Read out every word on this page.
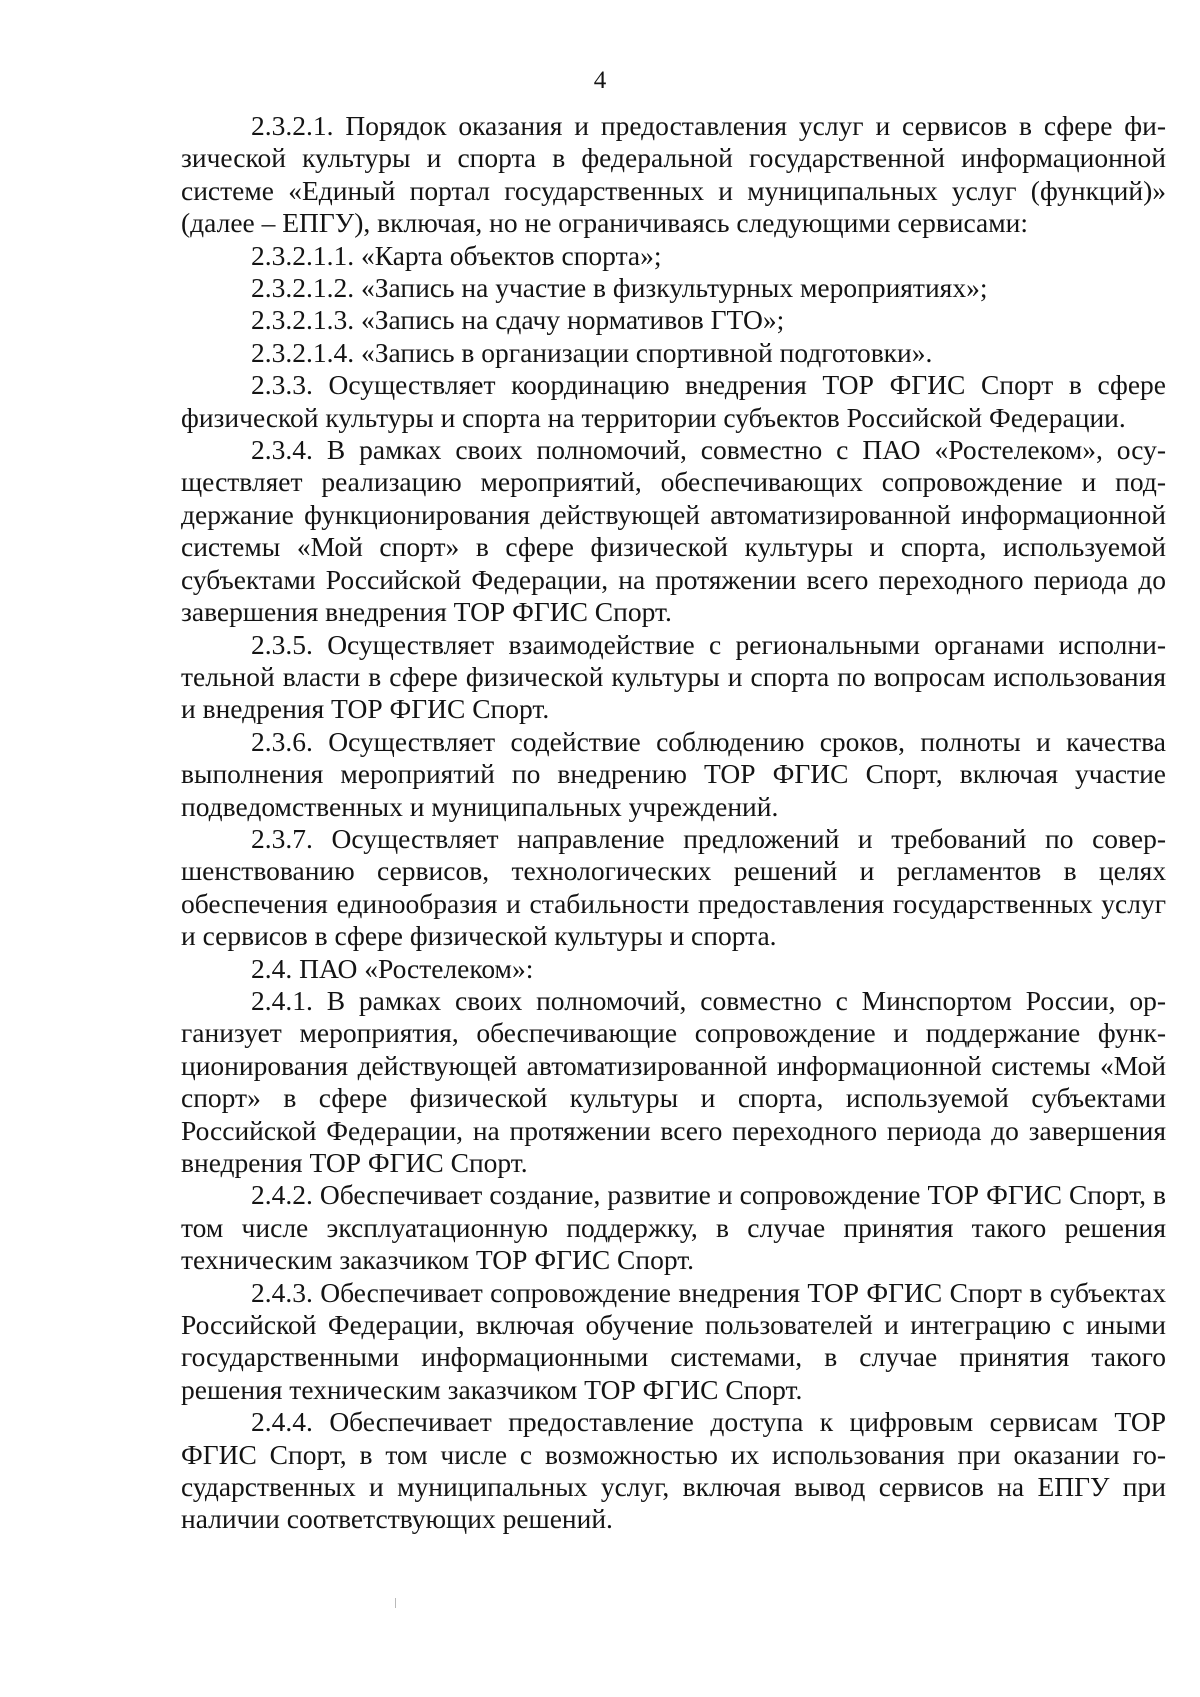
4

2.3.2.1. Порядок оказания и предоставления услуг и сервисов в сфере физической культуры и спорта в федеральной государственной информационной системе «Единый портал государственных и муниципальных услуг (функций)» (далее – ЕПГУ), включая, но не ограничиваясь следующими сервисами:

2.3.2.1.1. «Карта объектов спорта»;

2.3.2.1.2. «Запись на участие в физкультурных мероприятиях»;

2.3.2.1.3. «Запись на сдачу нормативов ГТО»;

2.3.2.1.4. «Запись в организации спортивной подготовки».

2.3.3. Осуществляет координацию внедрения ТОР ФГИС Спорт в сфере физической культуры и спорта на территории субъектов Российской Федерации.

2.3.4. В рамках своих полномочий, совместно с ПАО «Ростелеком», осуществляет реализацию мероприятий, обеспечивающих сопровождение и поддержание функционирования действующей автоматизированной информационной системы «Мой спорт» в сфере физической культуры и спорта, используемой субъектами Российской Федерации, на протяжении всего переходного периода до завершения внедрения ТОР ФГИС Спорт.

2.3.5. Осуществляет взаимодействие с региональными органами исполнительной власти в сфере физической культуры и спорта по вопросам использования и внедрения ТОР ФГИС Спорт.

2.3.6. Осуществляет содействие соблюдению сроков, полноты и качества выполнения мероприятий по внедрению ТОР ФГИС Спорт, включая участие подведомственных и муниципальных учреждений.

2.3.7. Осуществляет направление предложений и требований по совершенствованию сервисов, технологических решений и регламентов в целях обеспечения единообразия и стабильности предоставления государственных услуг и сервисов в сфере физической культуры и спорта.

2.4. ПАО «Ростелеком»:

2.4.1. В рамках своих полномочий, совместно с Минспортом России, организует мероприятия, обеспечивающие сопровождение и поддержание функционирования действующей автоматизированной информационной системы «Мой спорт» в сфере физической культуры и спорта, используемой субъектами Российской Федерации, на протяжении всего переходного периода до завершения внедрения ТОР ФГИС Спорт.

2.4.2. Обеспечивает создание, развитие и сопровождение ТОР ФГИС Спорт, в том числе эксплуатационную поддержку, в случае принятия такого решения техническим заказчиком ТОР ФГИС Спорт.

2.4.3. Обеспечивает сопровождение внедрения ТОР ФГИС Спорт в субъектах Российской Федерации, включая обучение пользователей и интеграцию с иными государственными информационными системами, в случае принятия такого решения техническим заказчиком ТОР ФГИС Спорт.

2.4.4. Обеспечивает предоставление доступа к цифровым сервисам ТОР ФГИС Спорт, в том числе с возможностью их использования при оказании государственных и муниципальных услуг, включая вывод сервисов на ЕПГУ при наличии соответствующих решений.
